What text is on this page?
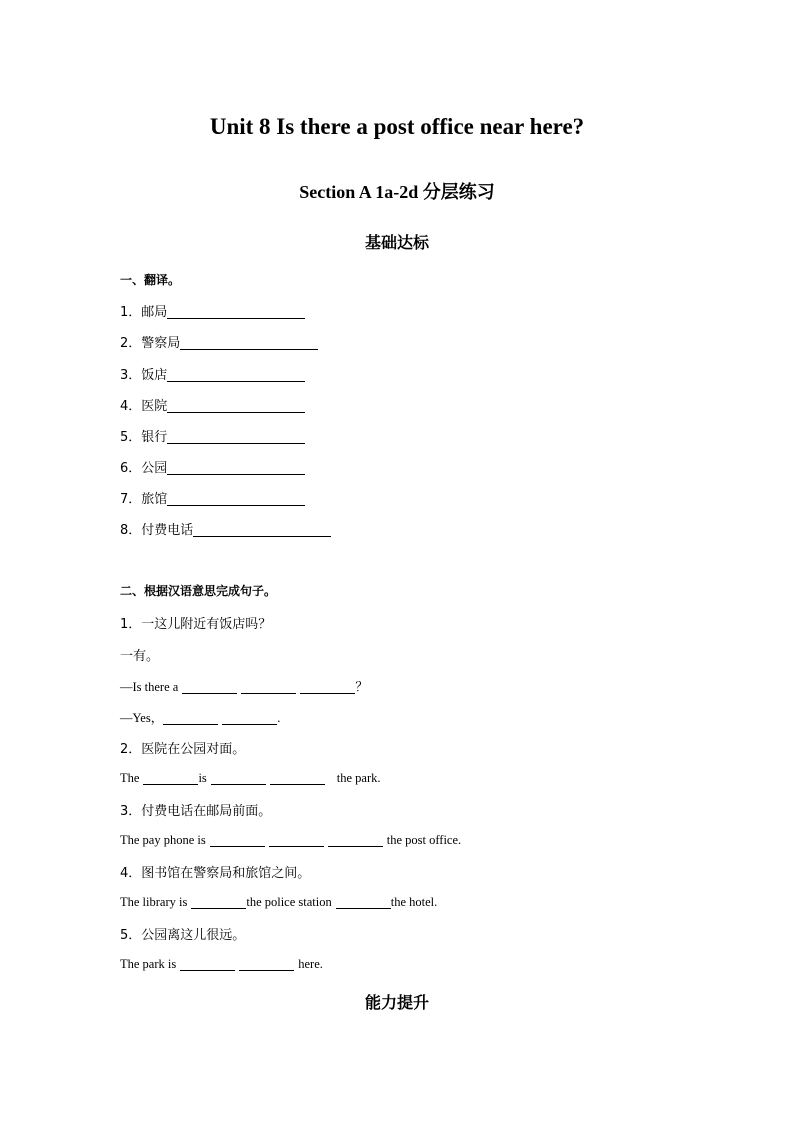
Unit 8 Is there a post office near here?
Section A 1a-2d 分层练习
基础达标
一、翻译。
1．邮局
2．警察局
3．饭店
4．医院
5．银行
6．公园
7．旅馆
8．付费电话
二、根据汉语意思完成句子。
1．一这儿附近有饭店吗？
一有。
—Is there a	？
—Yes，	.
2．医院在公园对面。
The	is	the park.
3．付费电话在邮局前面。
The pay phone is	the post office.
4．图书馆在警察局和旅馆之间。
The library is	the police station	the hotel.
5．公园离这儿很远。
The park is	here.
能力提升
